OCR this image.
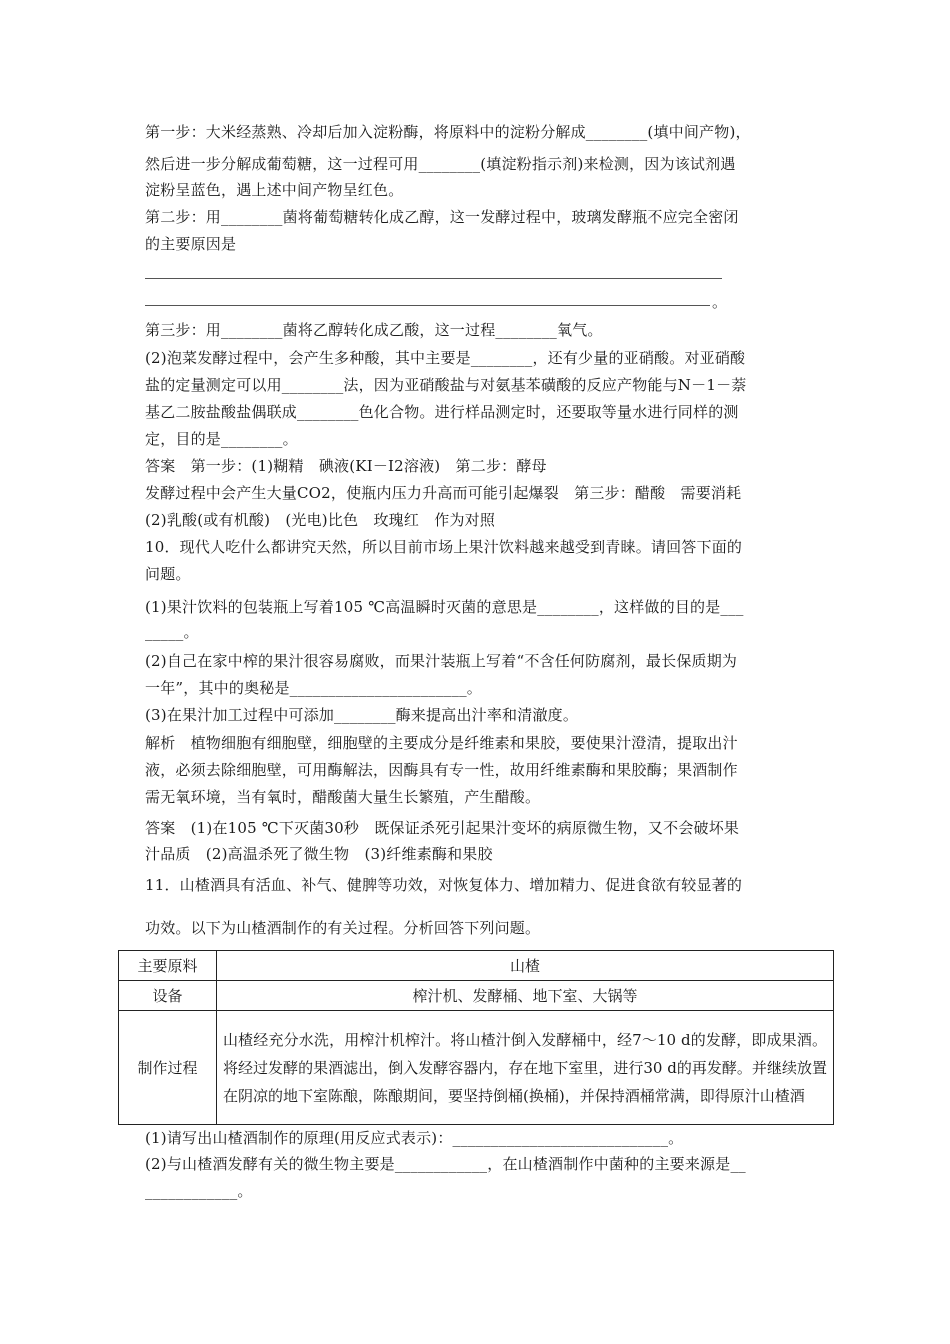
第一步：大米经蒸熟、冷却后加入淀粉酶，将原料中的淀粉分解成________(填中间产物)，
然后进一步分解成葡萄糖，这一过程可用________(填淀粉指示剂)来检测，因为该试剂遇
淀粉呈蓝色，遇上述中间产物呈红色。
第二步：用________菌将葡萄糖转化成乙醇，这一发酵过程中，玻璃发酵瓶不应完全密闭
的主要原因是
。
第三步：用________菌将乙醇转化成乙酸，这一过程________氧气。
(2)泡菜发酵过程中，会产生多种酸，其中主要是________，还有少量的亚硝酸。对亚硝酸
盐的定量测定可以用________法，因为亚硝酸盐与对氨基苯磺酸的反应产物能与N－1－萘
基乙二胺盐酸盐偶联成________色化合物。进行样品测定时，还要取等量水进行同样的测
定，目的是________。
答案　第一步：(1)糊精　碘液(KI－I2溶液)　第二步：酵母
发酵过程中会产生大量CO2，使瓶内压力升高而可能引起爆裂　第三步：醋酸　需要消耗
(2)乳酸(或有机酸)　(光电)比色　玫瑰红　作为对照
10．现代人吃什么都讲究天然，所以目前市场上果汁饮料越来越受到青睐。请回答下面的
问题。
(1)果汁饮料的包装瓶上写着105 ℃高温瞬时灭菌的意思是________，这样做的目的是___
_____。
(2)自己在家中榨的果汁很容易腐败，而果汁装瓶上写着“不含任何防腐剂，最长保质期为
一年”，其中的奥秘是_______________________。
(3)在果汁加工过程中可添加________酶来提高出汁率和清澈度。
解析　植物细胞有细胞壁，细胞壁的主要成分是纤维素和果胶，要使果汁澄清，提取出汁
液，必须去除细胞壁，可用酶解法，因酶具有专一性，故用纤维素酶和果胶酶；果酒制作
需无氧环境，当有氧时，醋酸菌大量生长繁殖，产生醋酸。
答案　(1)在105 ℃下灭菌30秒　既保证杀死引起果汁变坏的病原微生物，又不会破坏果
汁品质　(2)高温杀死了微生物　(3)纤维素酶和果胶
11．山楂酒具有活血、补气、健脾等功效，对恢复体力、增加精力、促进食欲有较显著的
功效。以下为山楂酒制作的有关过程。分析回答下列问题。
主要原料	山楂
设备	榨汁机、发酵桶、地下室、大锅等
制作过程	山楂经充分水洗，用榨汁机榨汁。将山楂汁倒入发酵桶中，经7～10 d的发酵，即成果酒。将经过发酵的果酒滤出，倒入发酵容器内，存在地下室里，进行30 d的再发酵。并继续放置在阴凉的地下室陈酿，陈酿期间，要坚持倒桶(换桶)，并保持酒桶常满，即得原汁山楂酒
(1)请写出山楂酒制作的原理(用反应式表示)：____________________________。
(2)与山楂酒发酵有关的微生物主要是____________，在山楂酒制作中菌种的主要来源是__
____________。
